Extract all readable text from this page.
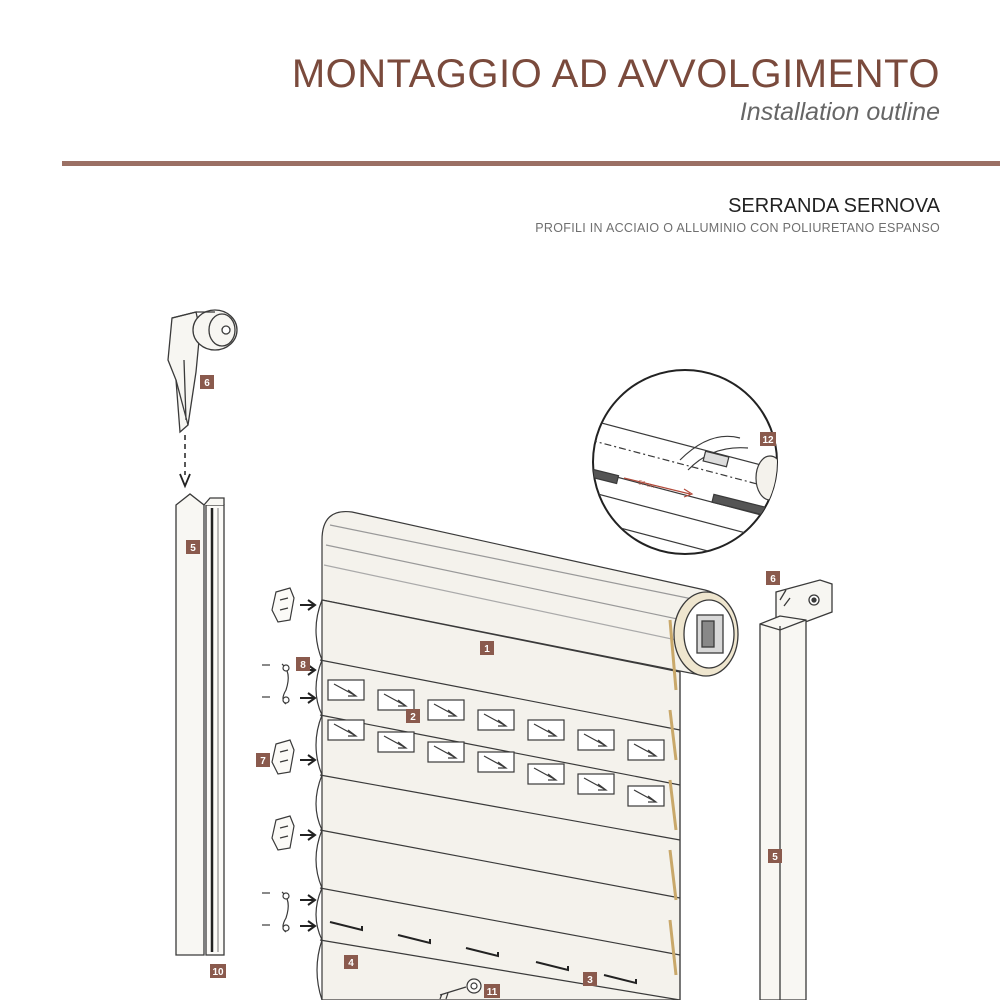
MONTAGGIO AD AVVOLGIMENTO
Installation outline
SERRANDA SERNOVA
PROFILI IN ACCIAIO O ALLUMINIO CON POLIURETANO ESPANSO
57 cm
6
5
10
8
7
1
2
4
3
11
12
6
5
